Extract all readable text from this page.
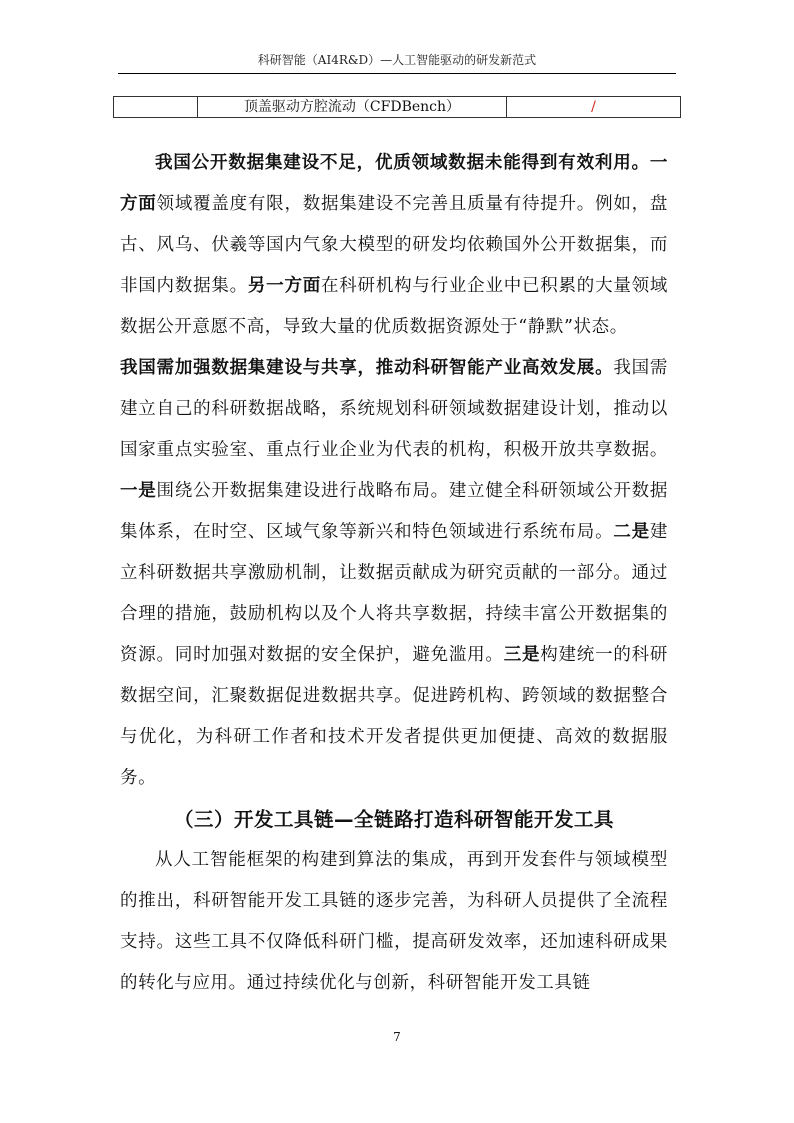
科研智能（AI4R&D）—人工智能驱动的研发新范式
顶盖驱动方腔流动（CFDBench）	/

我国公开数据集建设不足，优质领域数据未能得到有效利用。一方面领域覆盖度有限，数据集建设不完善且质量有待提升。例如，盘古、风乌、伏羲等国内气象大模型的研发均依赖国外公开数据集，而非国内数据集。另一方面在科研机构与行业企业中已积累的大量领域数据公开意愿不高，导致大量的优质数据资源处于“静默”状态。

我国需加强数据集建设与共享，推动科研智能产业高效发展。我国需建立自己的科研数据战略，系统规划科研领域数据建设计划，推动以国家重点实验室、重点行业企业为代表的机构，积极开放共享数据。一是围绕公开数据集建设进行战略布局。建立健全科研领域公开数据集体系，在时空、区域气象等新兴和特色领域进行系统布局。二是建立科研数据共享激励机制，让数据贡献成为研究贡献的一部分。通过合理的措施，鼓励机构以及个人将共享数据，持续丰富公开数据集的资源。同时加强对数据的安全保护，避免滥用。三是构建统一的科研数据空间，汇聚数据促进数据共享。促进跨机构、跨领域的数据整合与优化，为科研工作者和技术开发者提供更加便捷、高效的数据服务。

（三）开发工具链—全链路打造科研智能开发工具

从人工智能框架的构建到算法的集成，再到开发套件与领域模型的推出，科研智能开发工具链的逐步完善，为科研人员提供了全流程支持。这些工具不仅降低科研门槛，提高研发效率，还加速科研成果的转化与应用。通过持续优化与创新，科研智能开发工具链

7
